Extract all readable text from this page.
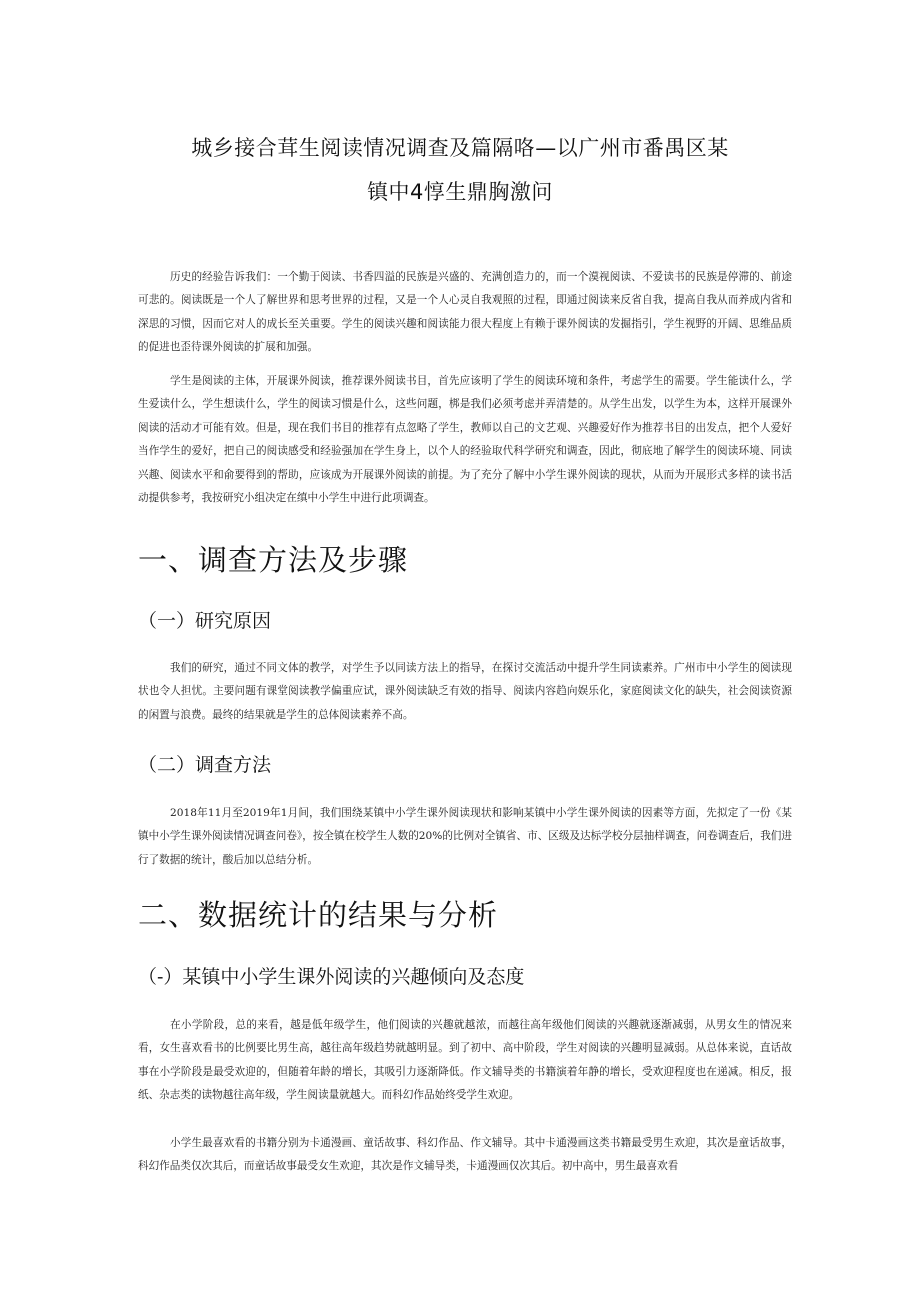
城乡接合茸生阅读情况调查及篇隔咯—以广州市番禺区某
镇中4惇生鼎胸激问

历史的经验告诉我们：一个勤于阅读、书香四溢的民族是兴盛的、充满创造力的，而一个漠视阅读、不爱读书的民族是停滞的、前途可悲的。阅读既是一个人了解世界和思考世界的过程，又是一个人心灵自我观照的过程，即通过阅读来反省自我，提高自我从而养成内省和深思的习惯，因而它对人的成长至关重要。学生的阅读兴趣和阅读能力很大程度上有赖于课外阅读的发掘指引，学生视野的开阔、思维品质的促进也歪待课外阅读的扩展和加强。

学生是阅读的主体，开展课外阅读，推荐课外阅读书目，首先应该明了学生的阅读环境和条件，考虑学生的需要。学生能读什么，学生爱读什么，学生想读什么，学生的阅读习惯是什么，这些问题，梆是我们必须考虑并弄清楚的。从学生出发，以学生为本，这样开展课外阅读的活动才可能有效。但是，现在我们书目的推荐有点忽略了学生，教师以自己的文艺观、兴趣爱好作为推荐书目的出发点，把个人爱好当作学生的爱好，把自己的阅读感受和经验强加在学生身上，以个人的经验取代科学研究和调查，因此，彻底地了解学生的阅读环境、同读兴趣、阅读水平和俞要得到的帮助，应该成为开展课外阅读的前提。为了充分了解中小学生课外阅读的现状，从而为开展形式多样的读书活动提供参考，我按研究小组决定在缜中小学生中进行此项调查。

一、调查方法及步骤
（一）研究原因

我们的研究，通过不同文体的教学，对学生予以同读方法上的指导，在探讨交流活动中提升学生同读素养。广州市中小学生的阅读现状也令人担忧。主要问题有课堂阅读教学偏重应试，课外阅读缺乏有效的指导、阅读内容趋向娱乐化，家庭阅读文化的缺失，社会阅读资源的闲置与浪费。最终的结果就是学生的总体阅读素养不高。

（二）调查方法

2018年11月至2019年1月间，我们围绕某镇中小学生课外阅读现状和影响某镇中小学生课外阅读的因素等方面，先拟定了一份《某镇中小学生课外阅读情况调查问卷》，按全镇在校学生人数的20%的比例对全镇省、市、区级及达标学校分层抽样调查，问卷调查后，我们进行了数据的统计，酸后加以总结分析。

二、数据统计的结果与分析
（-）某镇中小学生课外阅读的兴趣倾向及态度

在小学阶段，总的来看，越是低年级学生，他们阅读的兴趣就越浓，而越往高年级他们阅读的兴趣就逐渐减弱，从男女生的情况来看，女生喜欢看书的比例要比男生高，越往高年级趋势就越明显。到了初中、高中阶段，学生对阅读的兴趣明显减弱。从总体来说，直话故事在小学阶段是最受欢迎的，但随着年龄的增长，其吸引力逐渐降低。作文辅导类的书籍演着年静的增长，受欢迎程度也在递减。相反，报纸、杂志类的读物越往高年级，学生阅读量就越大。而科幻作品始终受学生欢迎。

小学生最喜欢看的书籍分别为卡通漫画、童话故事、科幻作品、作文辅导。其中卡通漫画这类书籍最受男生欢迎，其次是童话故事，科幻作品类仅次其后，而童话故事最受女生欢迎，其次是作文辅导类，卡通漫画仅次其后。初中高中，男生最喜欢看
